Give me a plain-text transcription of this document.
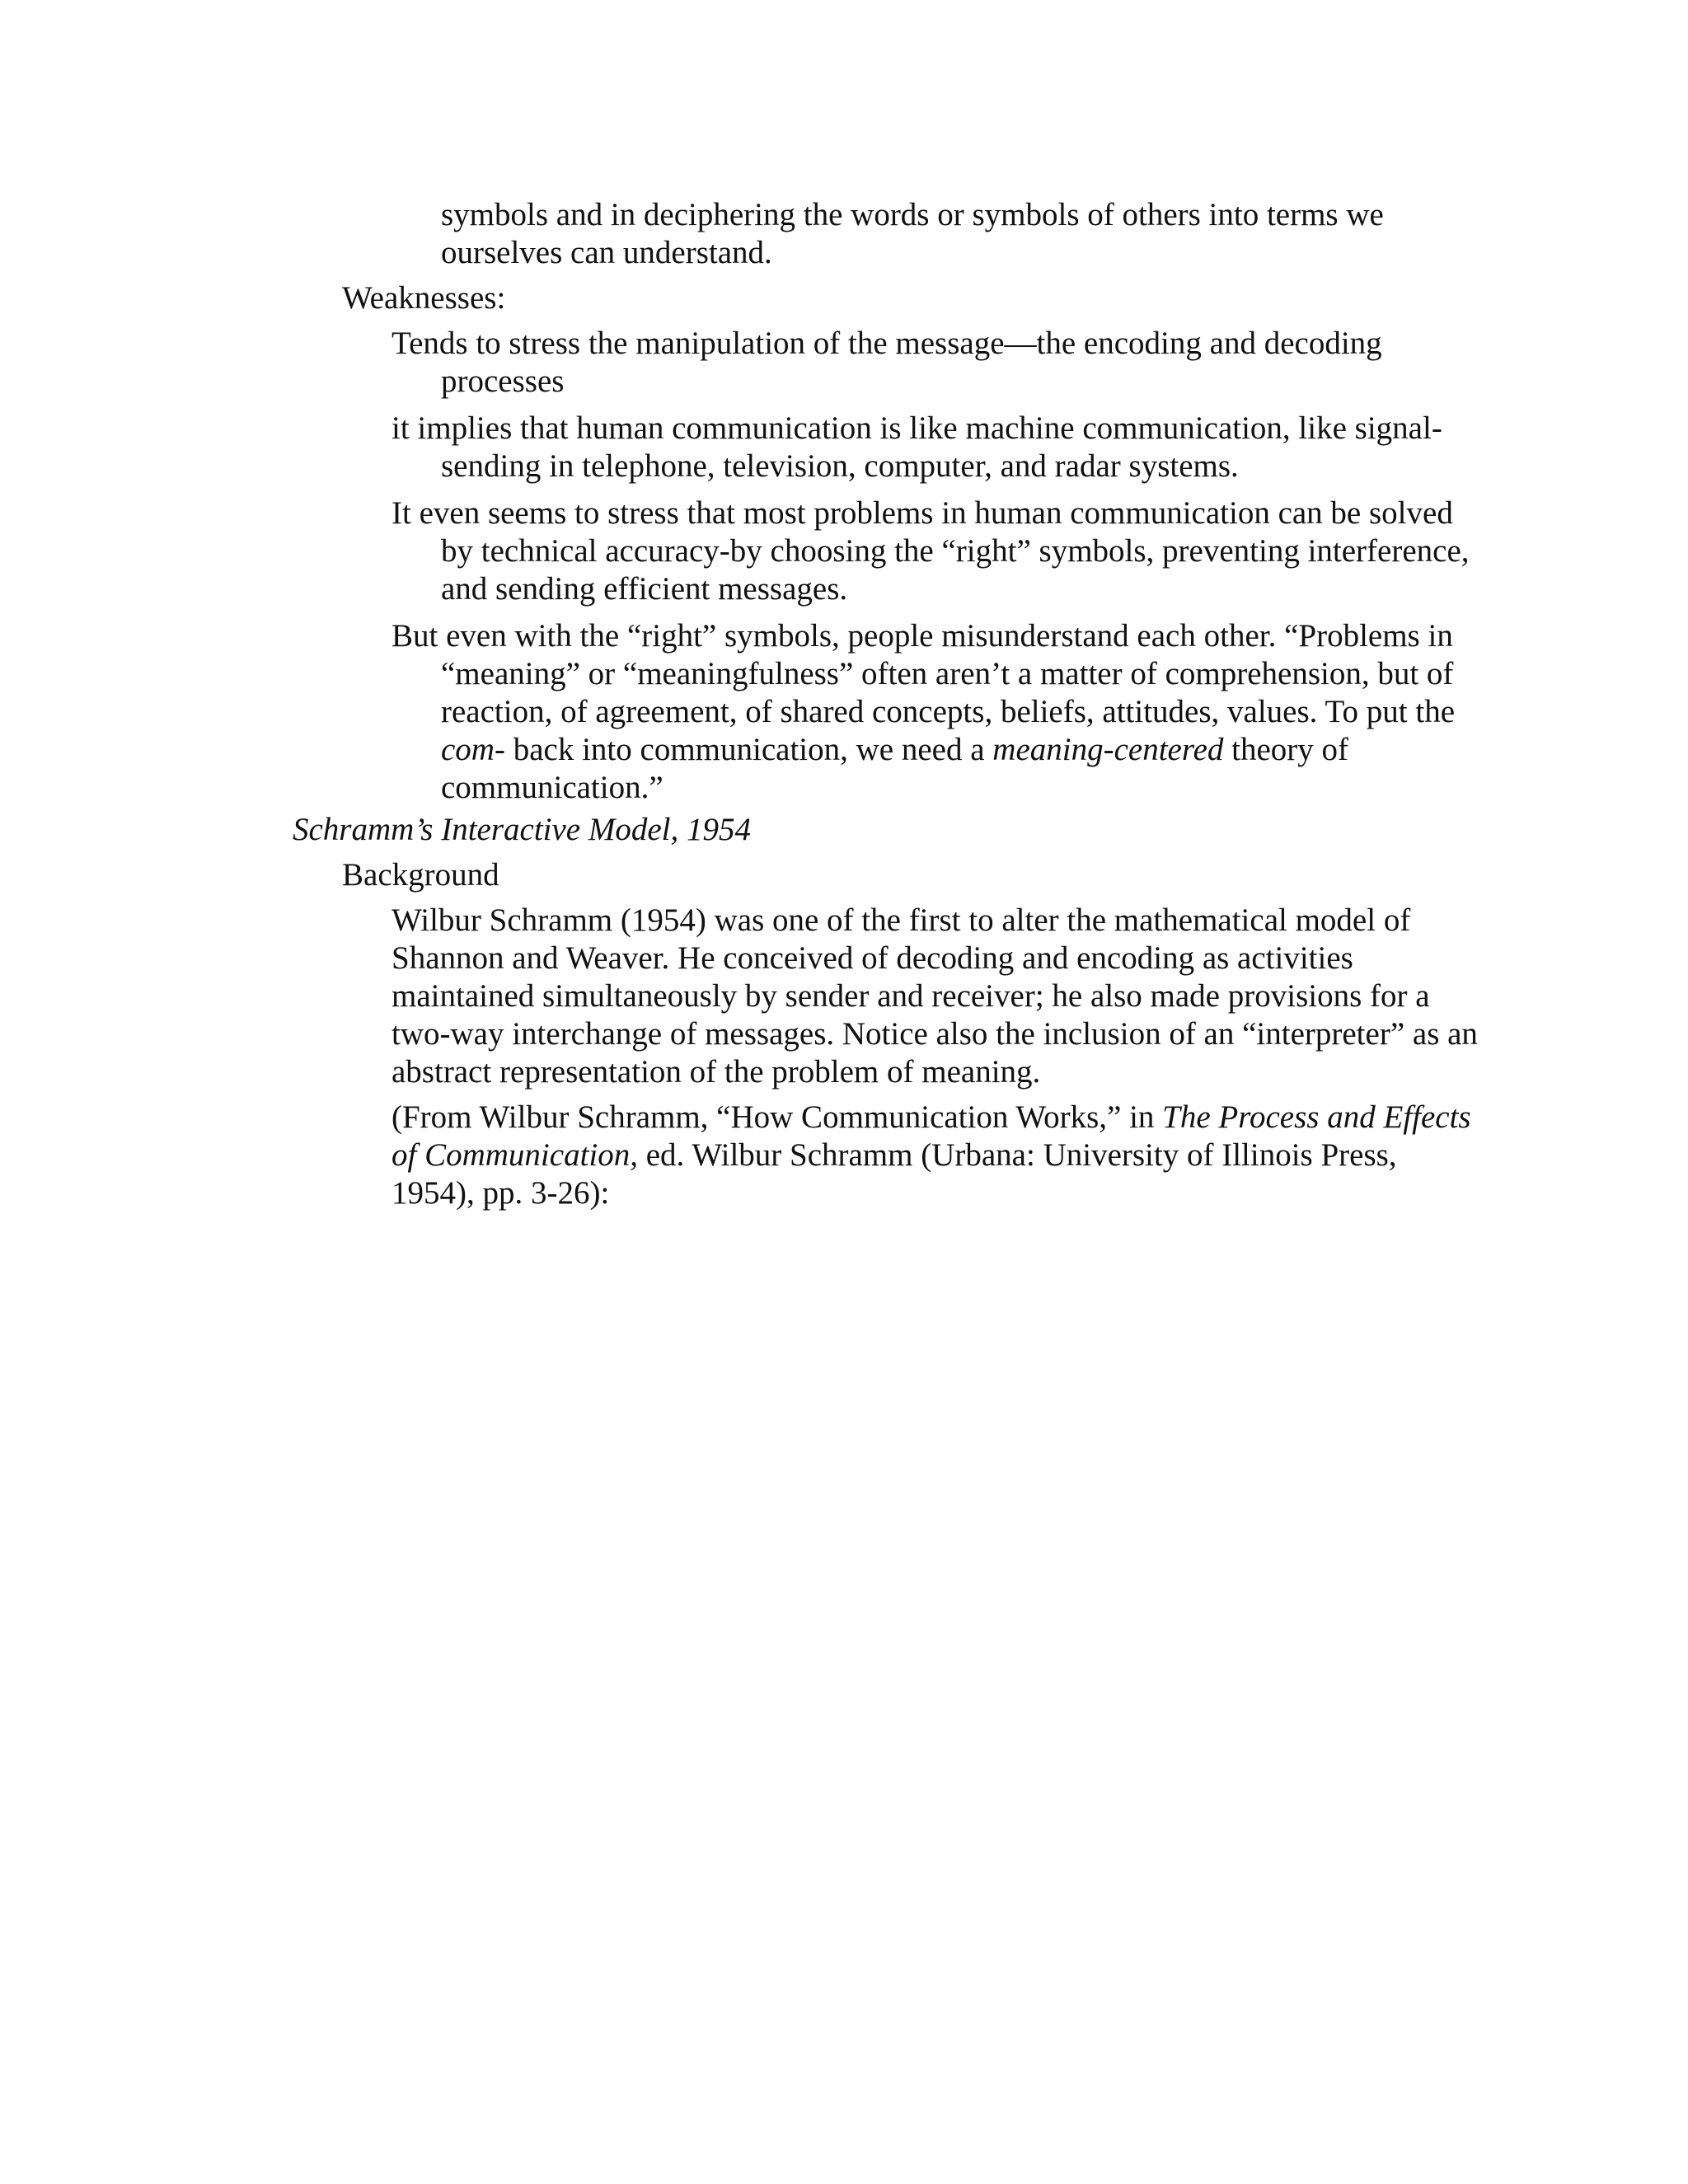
symbols and in deciphering the words or symbols of others into terms we ourselves can understand.

Weaknesses:

Tends to stress the manipulation of the message—the encoding and decoding processes

it implies that human communication is like machine communication, like signal-sending in telephone, television, computer, and radar systems.

It even seems to stress that most problems in human communication can be solved by technical accuracy-by choosing the “right” symbols, preventing interference, and sending efficient messages.

But even with the “right” symbols, people misunderstand each other. “Problems in “meaning” or “meaningfulness” often aren’t a matter of comprehension, but of reaction, of agreement, of shared concepts, beliefs, attitudes, values. To put the com- back into communication, we need a meaning-centered theory of communication.”

Schramm’s Interactive Model, 1954

Background

Wilbur Schramm (1954) was one of the first to alter the mathematical model of Shannon and Weaver. He conceived of decoding and encoding as activities maintained simultaneously by sender and receiver; he also made provisions for a two-way interchange of messages. Notice also the inclusion of an “interpreter” as an abstract representation of the problem of meaning.

(From Wilbur Schramm, “How Communication Works,” in The Process and Effects of Communication, ed. Wilbur Schramm (Urbana: University of Illinois Press, 1954), pp. 3-26):
